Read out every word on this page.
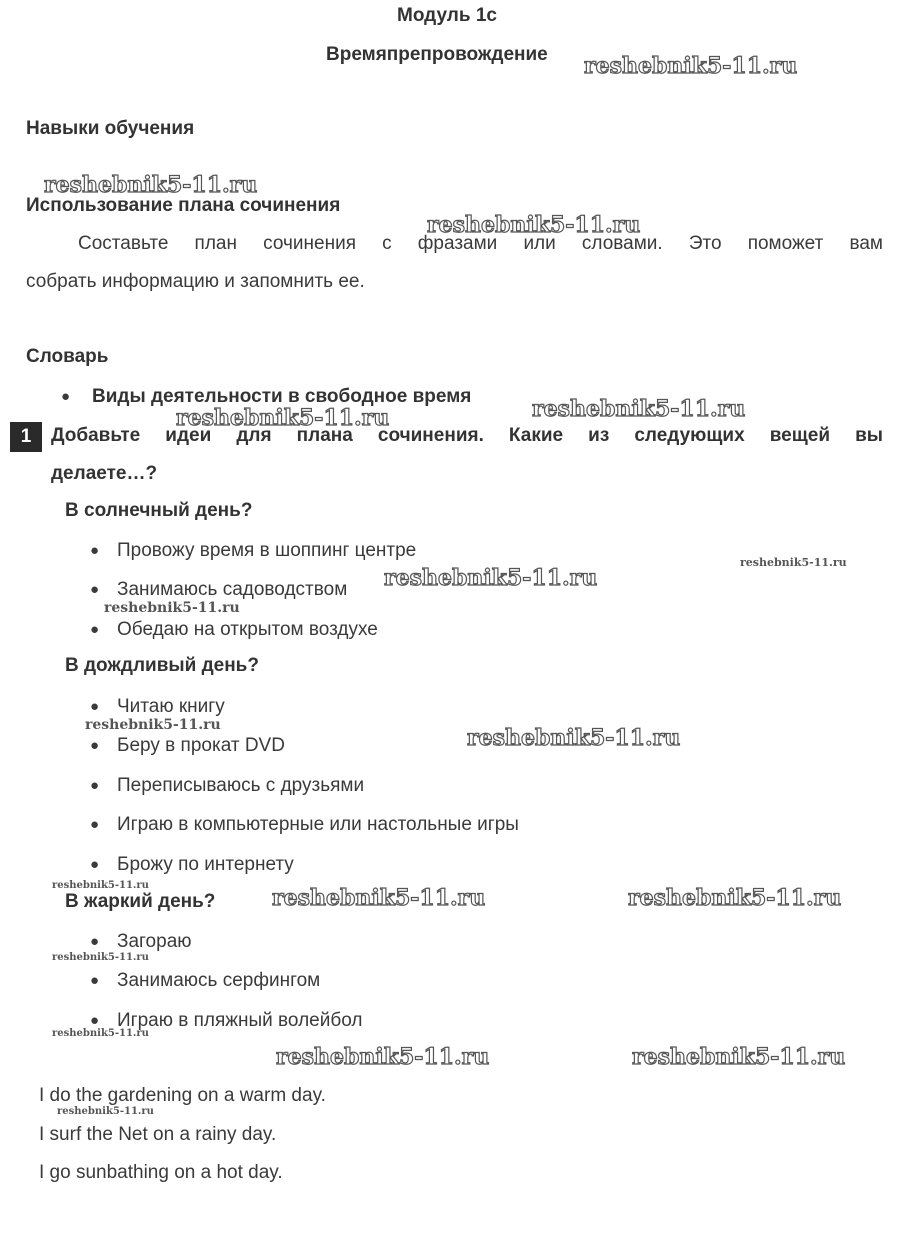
Модуль 1c
Времяпрепровождение
Навыки обучения
Использование плана сочинения
Составьте план сочинения с фразами или словами. Это поможет вам
собрать информацию и запомнить ее.
Словарь
● Виды деятельности в свободное время
1	Добавьте идеи для плана сочинения. Какие из следующих вещей вы
делаете…?
В солнечный день?
● Провожу время в шоппинг центре
● Занимаюсь садоводством
● Обедаю на открытом воздухе
В дождливый день?
● Читаю книгу
● Беру в прокат DVD
● Переписываюсь с друзьями
● Играю в компьютерные или настольные игры
● Брожу по интернету
В жаркий день?
● Загораю
● Занимаюсь серфингом
● Играю в пляжный волейбол
I do the gardening on a warm day.
I surf the Net on a rainy day.
I go sunbathing on a hot day.
reshebnik5-11.ru
reshebnik5-11.ru
reshebnik5-11.ru
reshebnik5-11.ru	reshebnik5-11.ru
reshebnik5-11.ru
reshebnik5-11.ru
reshebnik5-11.ru
reshebnik5-11.ru	reshebnik5-11.ru
reshebnik5-11.ru	reshebnik5-11.ru	reshebnik5-11.ru
reshebnik5-11.ru
reshebnik5-11.ru
reshebnik5-11.ru	reshebnik5-11.ru
reshebnik5-11.ru
